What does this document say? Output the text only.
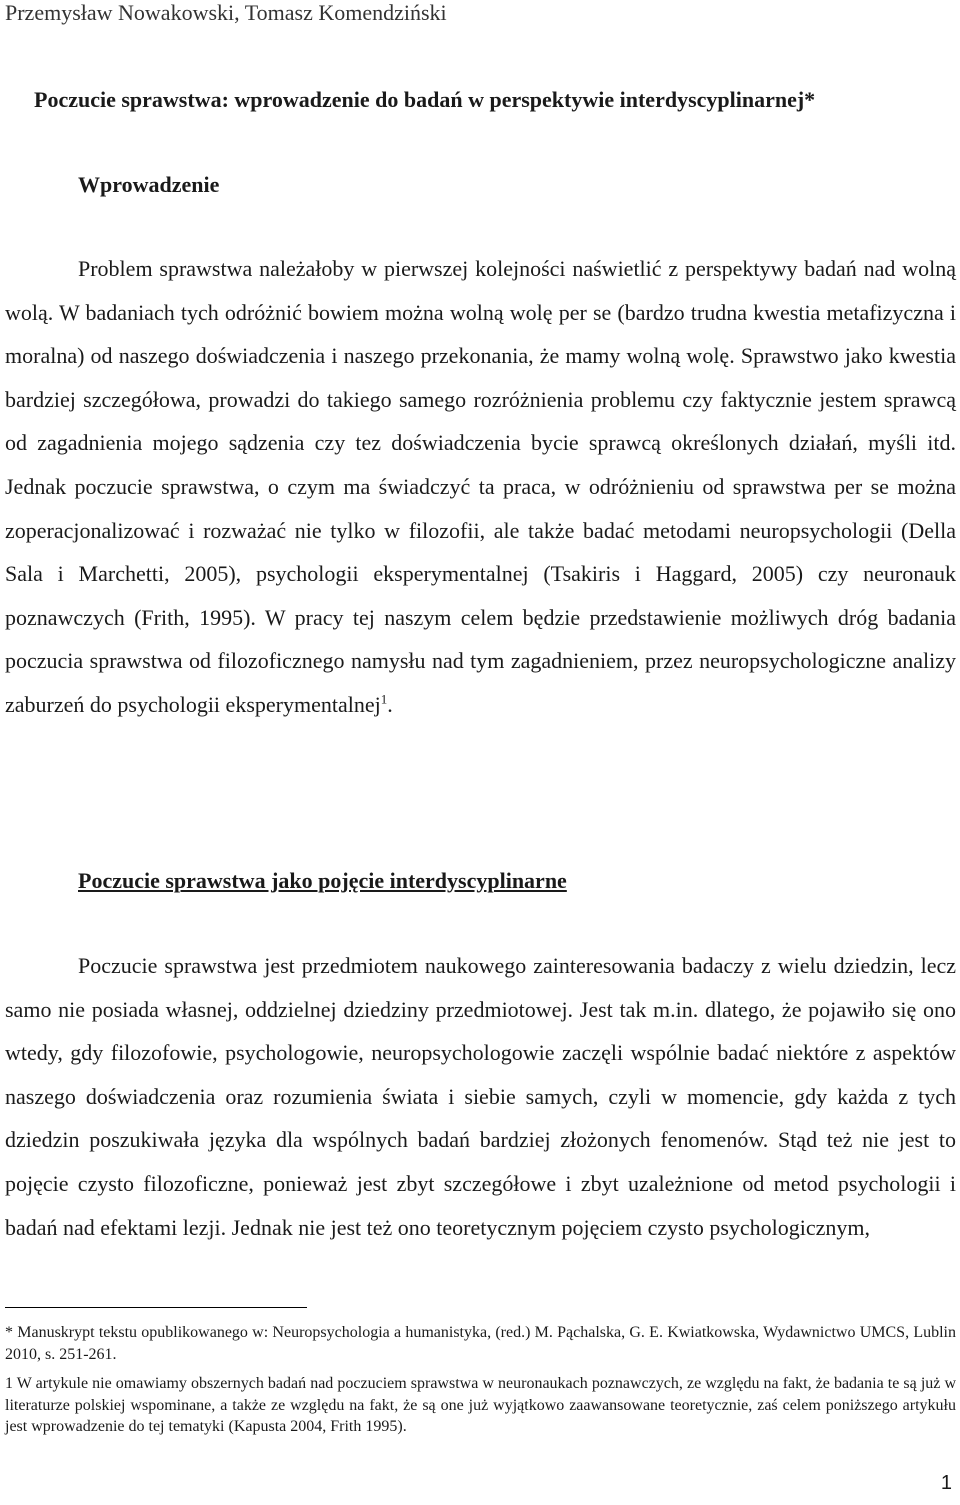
Przemysław Nowakowski, Tomasz Komendziński
Poczucie sprawstwa: wprowadzenie do badań w perspektywie interdyscyplinarnej*
Wprowadzenie
Problem sprawstwa należałoby w pierwszej kolejności naświetlić z perspektywy badań nad wolną wolą. W badaniach tych odróżnić bowiem można wolną wolę per se (bardzo trudna kwestia metafizyczna i moralna) od naszego doświadczenia i naszego przekonania, że mamy wolną wolę. Sprawstwo jako kwestia bardziej szczegółowa, prowadzi do takiego samego rozróżnienia problemu czy faktycznie jestem sprawcą od zagadnienia mojego sądzenia czy tez doświadczenia bycie sprawcą określonych działań, myśli itd. Jednak poczucie sprawstwa, o czym ma świadczyć ta praca, w odróżnieniu od sprawstwa per se można zoperacjonalizować i rozważać nie tylko w filozofii, ale także badać metodami neuropsychologii (Della Sala i Marchetti, 2005), psychologii eksperymentalnej (Tsakiris i Haggard, 2005) czy neuronauk poznawczych (Frith, 1995). W pracy tej naszym celem będzie przedstawienie możliwych dróg badania poczucia sprawstwa od filozoficznego namysłu nad tym zagadnieniem, przez neuropsychologiczne analizy zaburzeń do psychologii eksperymentalnej$^1$.
Poczucie sprawstwa jako pojęcie interdyscyplinarne
Poczucie sprawstwa jest przedmiotem naukowego zainteresowania badaczy z wielu dziedzin, lecz samo nie posiada własnej, oddzielnej dziedziny przedmiotowej. Jest tak m.in. dlatego, że pojawiło się ono wtedy, gdy filozofowie, psychologowie, neuropsychologowie zaczęli wspólnie badać niektóre z aspektów naszego doświadczenia oraz rozumienia świata i siebie samych, czyli w momencie, gdy każda z tych dziedzin poszukiwała języka dla wspólnych badań bardziej złożonych fenomenów. Stąd też nie jest to pojęcie czysto filozoficzne, ponieważ jest zbyt szczegółowe i zbyt uzależnione od metod psychologii i badań nad efektami lezji. Jednak nie jest też ono teoretycznym pojęciem czysto psychologicznym,
* Manuskrypt tekstu opublikowanego w: Neuropsychologia a humanistyka, (red.) M. Pąchalska, G. E. Kwiatkowska, Wydawnictwo UMCS, Lublin 2010, s. 251-261.
1 W artykule nie omawiamy obszernych badań nad poczuciem sprawstwa w neuronaukach poznawczych, ze względu na fakt, że badania te są już w literaturze polskiej wspominane, a także ze względu na fakt, że są one już wyjątkowo zaawansowane teoretycznie, zaś celem poniższego artykułu jest wprowadzenie do tej tematyki (Kapusta 2004, Frith 1995).
1
